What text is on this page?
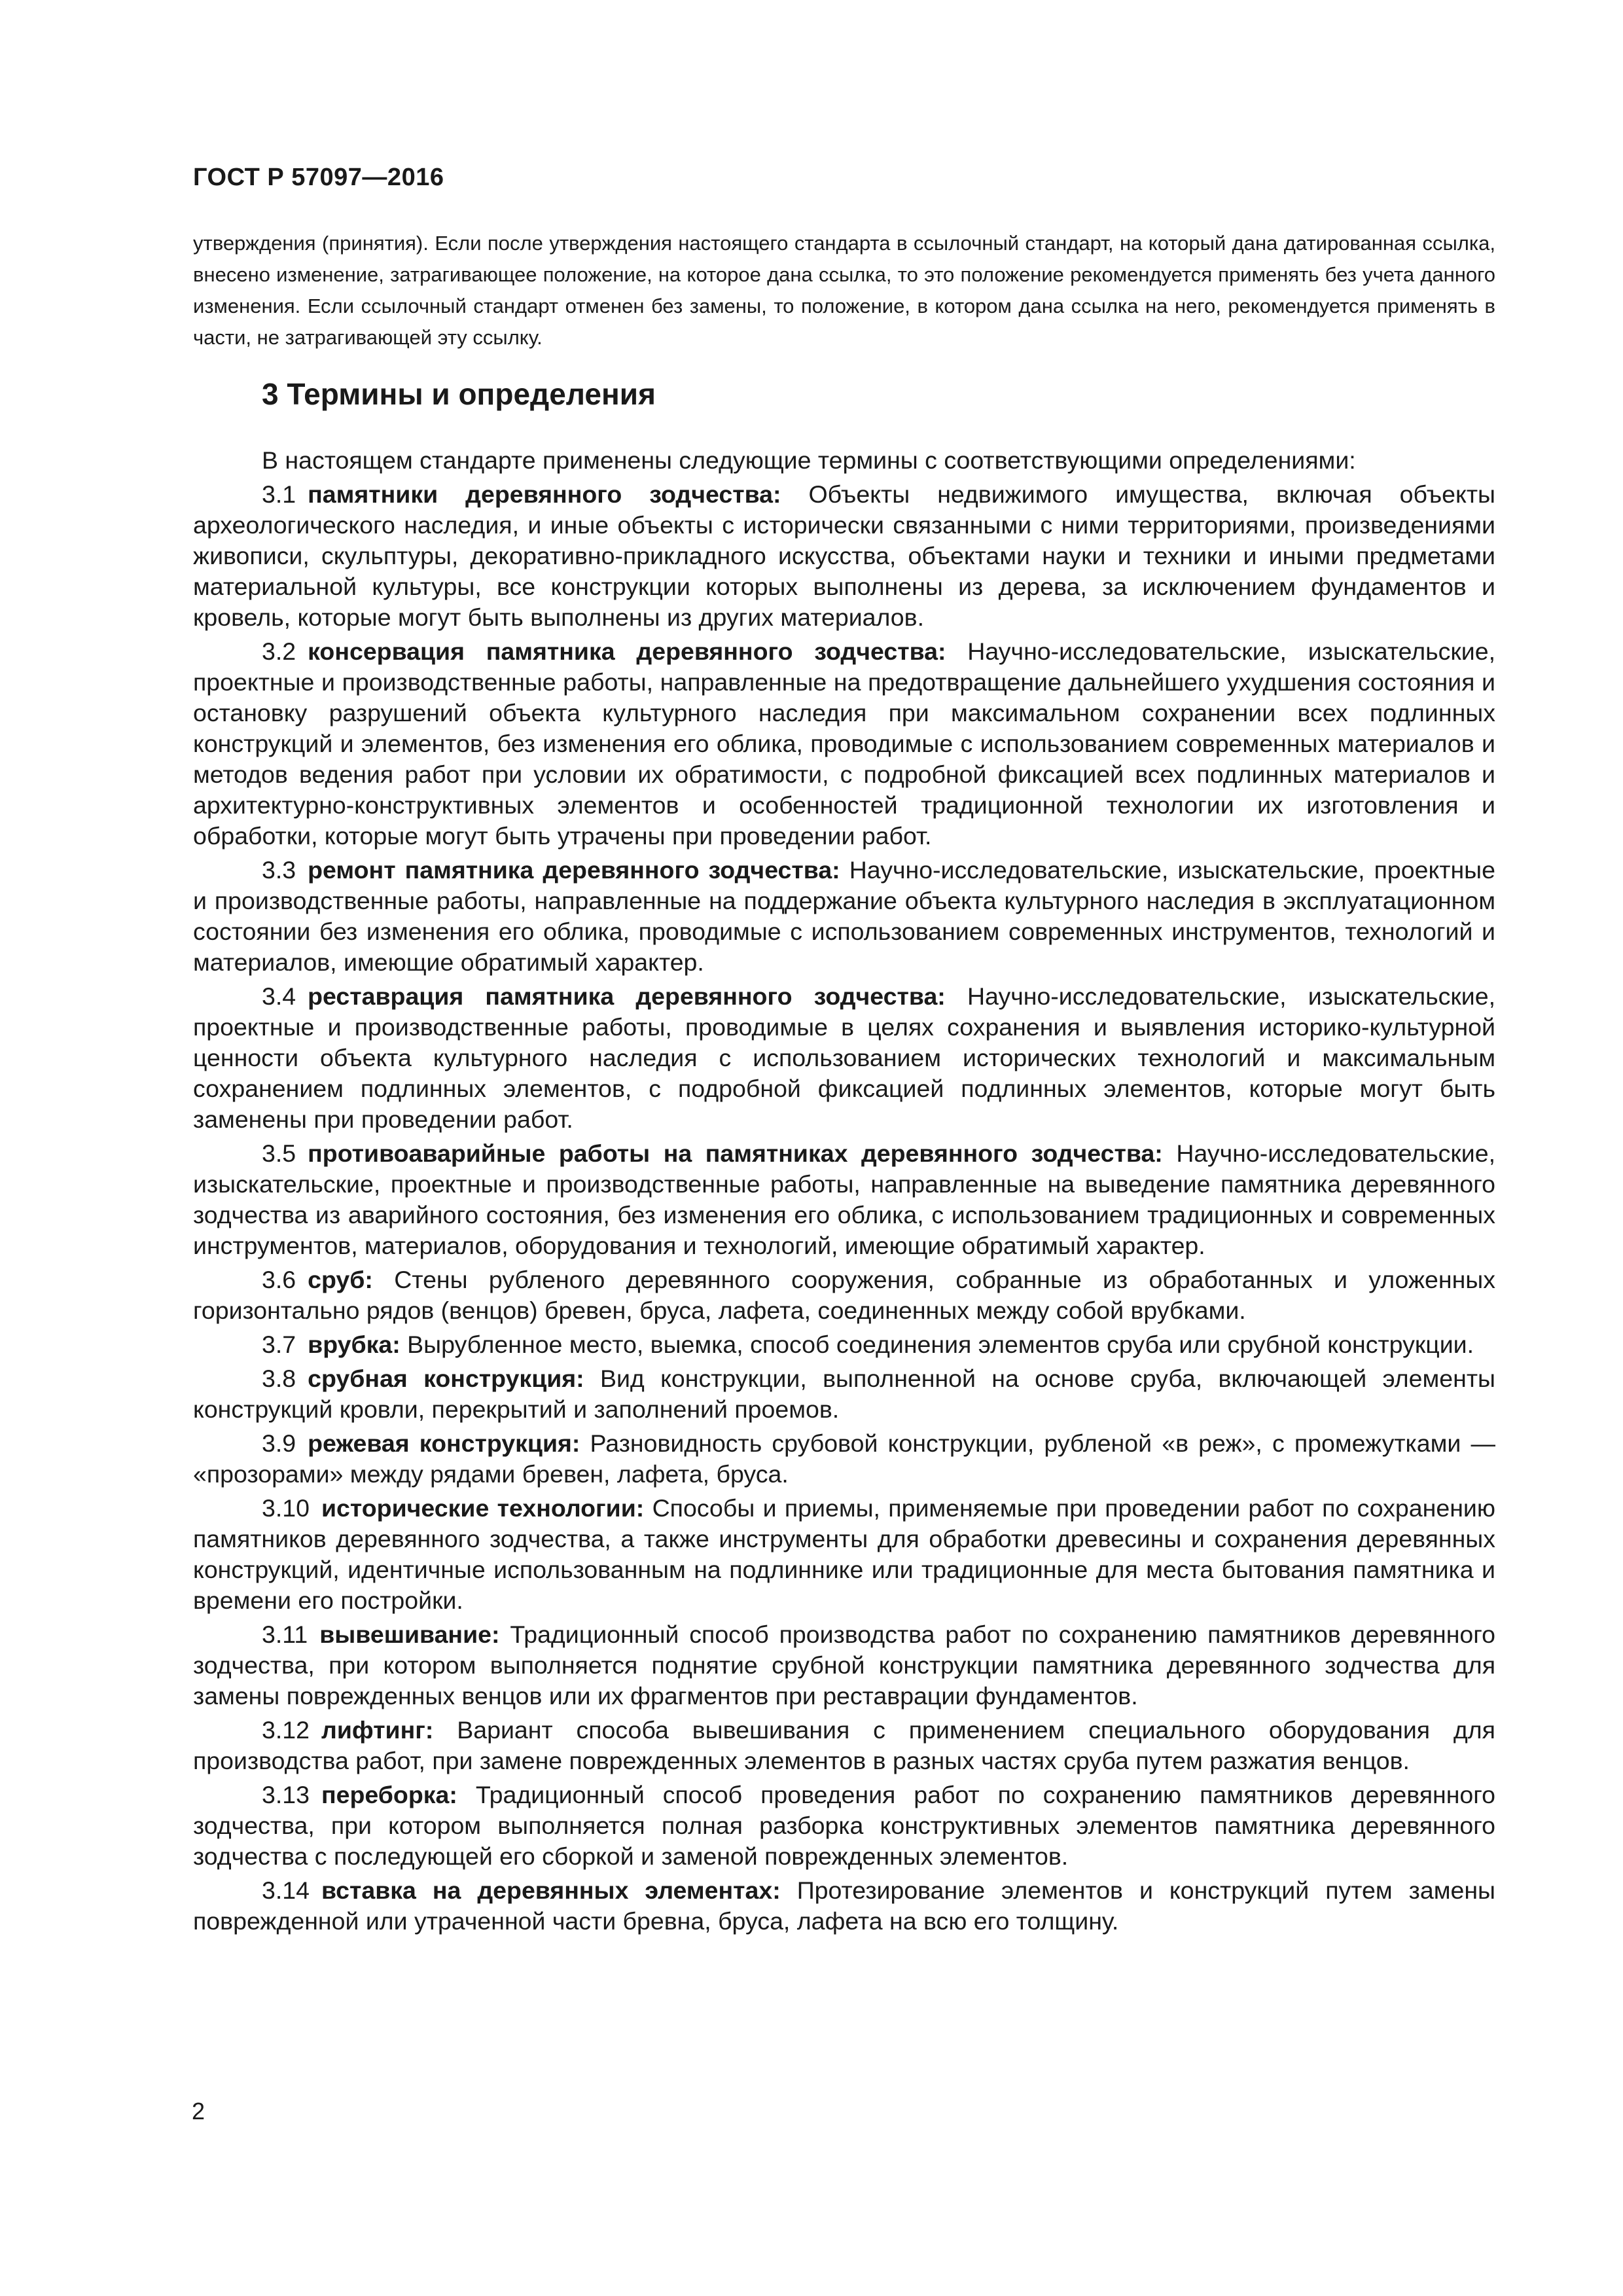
ГОСТ Р 57097—2016
утверждения (принятия). Если после утверждения настоящего стандарта в ссылочный стандарт, на который дана датированная ссылка, внесено изменение, затрагивающее положение, на которое дана ссылка, то это положение рекомендуется применять без учета данного изменения. Если ссылочный стандарт отменен без замены, то положение, в котором дана ссылка на него, рекомендуется применять в части, не затрагивающей эту ссылку.
3 Термины и определения

В настоящем стандарте применены следующие термины с соответствующими определениями:

3.1 памятники деревянного зодчества: Объекты недвижимого имущества, включая объекты археологического наследия, и иные объекты с исторически связанными с ними территориями, произведениями живописи, скульптуры, декоративно-прикладного искусства, объектами науки и техники и иными предметами материальной культуры, все конструкции которых выполнены из дерева, за исключением фундаментов и кровель, которые могут быть выполнены из других материалов.

3.2 консервация памятника деревянного зодчества: Научно-исследовательские, изыскательские, проектные и производственные работы, направленные на предотвращение дальнейшего ухудшения состояния и остановку разрушений объекта культурного наследия при максимальном сохранении всех подлинных конструкций и элементов, без изменения его облика, проводимые с использованием современных материалов и методов ведения работ при условии их обратимости, с подробной фиксацией всех подлинных материалов и архитектурно-конструктивных элементов и особенностей традиционной технологии их изготовления и обработки, которые могут быть утрачены при проведении работ.

3.3 ремонт памятника деревянного зодчества: Научно-исследовательские, изыскательские, проектные и производственные работы, направленные на поддержание объекта культурного наследия в эксплуатационном состоянии без изменения его облика, проводимые с использованием современных инструментов, технологий и материалов, имеющие обратимый характер.

3.4 реставрация памятника деревянного зодчества: Научно-исследовательские, изыскательские, проектные и производственные работы, проводимые в целях сохранения и выявления историко-культурной ценности объекта культурного наследия с использованием исторических технологий и максимальным сохранением подлинных элементов, с подробной фиксацией подлинных элементов, которые могут быть заменены при проведении работ.

3.5 противоаварийные работы на памятниках деревянного зодчества: Научно-исследовательские, изыскательские, проектные и производственные работы, направленные на выведение памятника деревянного зодчества из аварийного состояния, без изменения его облика, с использованием традиционных и современных инструментов, материалов, оборудования и технологий, имеющие обратимый характер.

3.6 сруб: Стены рубленого деревянного сооружения, собранные из обработанных и уложенных горизонтально рядов (венцов) бревен, бруса, лафета, соединенных между собой врубками.

3.7 врубка: Вырубленное место, выемка, способ соединения элементов сруба или срубной конструкции.

3.8 срубная конструкция: Вид конструкции, выполненной на основе сруба, включающей элементы конструкций кровли, перекрытий и заполнений проемов.

3.9 режевая конструкция: Разновидность срубовой конструкции, рубленой «в реж», с промежутками — «прозорами» между рядами бревен, лафета, бруса.

3.10 исторические технологии: Способы и приемы, применяемые при проведении работ по сохранению памятников деревянного зодчества, а также инструменты для обработки древесины и сохранения деревянных конструкций, идентичные использованным на подлиннике или традиционные для места бытования памятника и времени его постройки.

3.11 вывешивание: Традиционный способ производства работ по сохранению памятников деревянного зодчества, при котором выполняется поднятие срубной конструкции памятника деревянного зодчества для замены поврежденных венцов или их фрагментов при реставрации фундаментов.

3.12 лифтинг: Вариант способа вывешивания с применением специального оборудования для производства работ, при замене поврежденных элементов в разных частях сруба путем разжатия венцов.

3.13 переборка: Традиционный способ проведения работ по сохранению памятников деревянного зодчества, при котором выполняется полная разборка конструктивных элементов памятника деревянного зодчества с последующей его сборкой и заменой поврежденных элементов.

3.14 вставка на деревянных элементах: Протезирование элементов и конструкций путем замены поврежденной или утраченной части бревна, бруса, лафета на всю его толщину.

2
